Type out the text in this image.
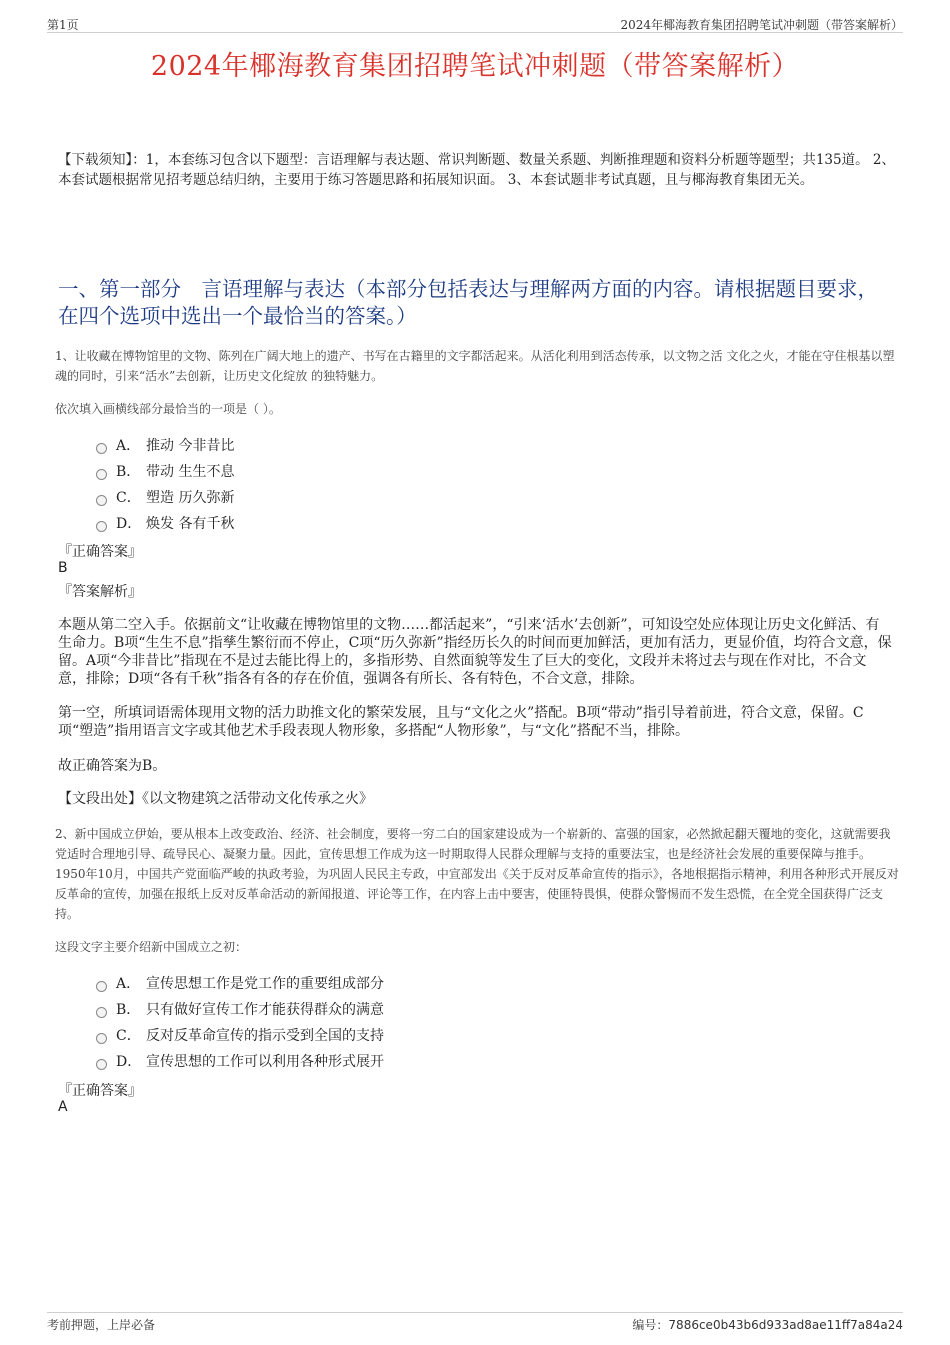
第1页	2024年椰海教育集团招聘笔试冲刺题（带答案解析）
2024年椰海教育集团招聘笔试冲刺题（带答案解析）
【下载须知】：1，本套练习包含以下题型：言语理解与表达题、常识判断题、数量关系题、判断推理题和资料分析题等题型；共135道。 2、本套试题根据常见招考题总结归纳，主要用于练习答题思路和拓展知识面。 3、本套试题非考试真题，且与椰海教育集团无关。
一、第一部分　言语理解与表达（本部分包括表达与理解两方面的内容。请根据题目要求，在四个选项中选出一个最恰当的答案。）
1、让收藏在博物馆里的文物、陈列在广阔大地上的遗产、书写在古籍里的文字都活起来。从活化利用到活态传承，以文物之活 文化之火，才能在守住根基以塑魂的同时，引来“活水”去创新，让历史文化绽放 的独特魅力。
依次填入画横线部分最恰当的一项是（ ）。
A． 推动 今非昔比
B． 带动 生生不息
C． 塑造 历久弥新
D． 焕发 各有千秋
『正确答案』
B
『答案解析』
本题从第二空入手。依据前文“让收藏在博物馆里的文物……都活起来”，“引来‘活水’去创新”，可知设空处应体现让历史文化鲜活、有生命力。B项“生生不息”指孳生繁衍而不停止，C项“历久弥新”指经历长久的时间而更加鲜活，更加有活力，更显价值，均符合文意，保留。A项“今非昔比”指现在不是过去能比得上的，多指形势、自然面貌等发生了巨大的变化，文段并未将过去与现在作对比，不合文意，排除；D项“各有千秋”指各有各的存在价值，强调各有所长、各有特色，不合文意，排除。
第一空，所填词语需体现用文物的活力助推文化的繁荣发展，且与“文化之火”搭配。B项“带动”指引导着前进，符合文意，保留。C项“塑造”指用语言文字或其他艺术手段表现人物形象，多搭配“人物形象”，与“文化”搭配不当，排除。
故正确答案为B。
【文段出处】《以文物建筑之活带动文化传承之火》
2、新中国成立伊始，要从根本上改变政治、经济、社会制度，要将一穷二白的国家建设成为一个崭新的、富强的国家，必然掀起翻天覆地的变化，这就需要我党适时合理地引导、疏导民心、凝聚力量。因此，宣传思想工作成为这一时期取得人民群众理解与支持的重要法宝，也是经济社会发展的重要保障与推手。1950年10月，中国共产党面临严峻的执政考验，为巩固人民民主专政，中宣部发出《关于反对反革命宣传的指示》，各地根据指示精神，利用各种形式开展反对反革命的宣传，加强在报纸上反对反革命活动的新闻报道、评论等工作，在内容上击中要害，使匪特畏惧，使群众警惕而不发生恐慌，在全党全国获得广泛支持。
这段文字主要介绍新中国成立之初：
A． 宣传思想工作是党工作的重要组成部分
B． 只有做好宣传工作才能获得群众的满意
C． 反对反革命宣传的指示受到全国的支持
D． 宣传思想的工作可以利用各种形式展开
『正确答案』
A
考前押题，上岸必备	编号：7886ce0b43b6d933ad8ae11ff7a84a24
